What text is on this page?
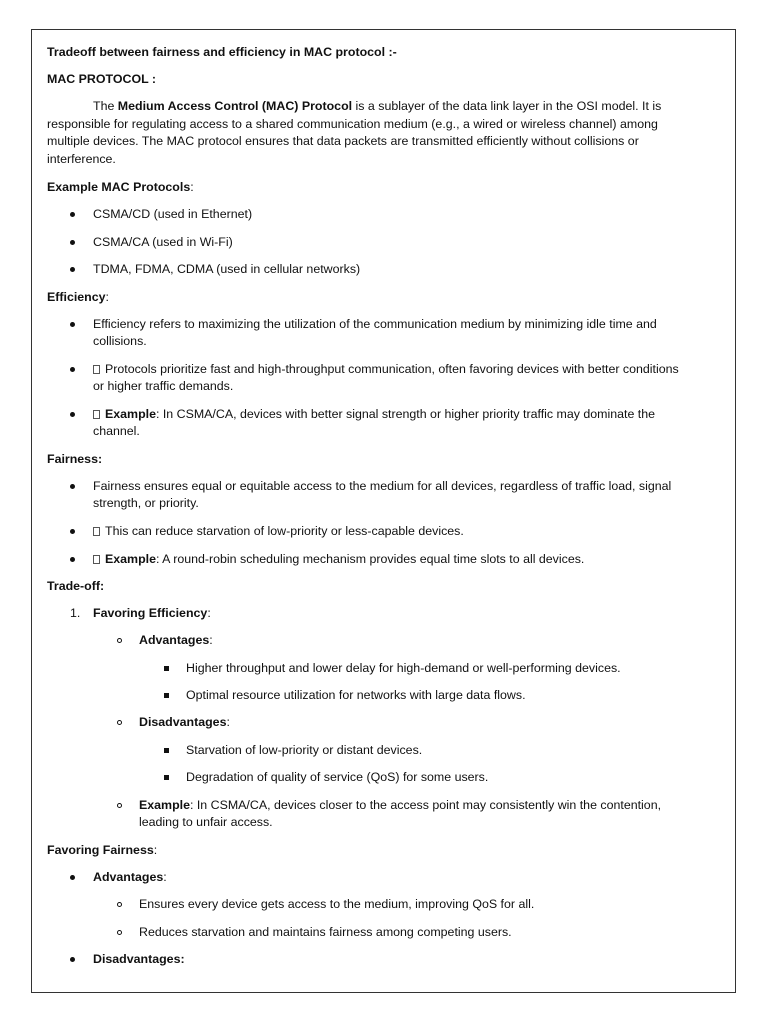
Tradeoff between fairness and efficiency in MAC protocol :-
MAC PROTOCOL :
The Medium Access Control (MAC) Protocol is a sublayer of the data link layer in the OSI model. It is
responsible for regulating access to a shared communication medium (e.g., a wired or wireless channel) among
multiple devices. The MAC protocol ensures that data packets are transmitted efficiently without collisions or
interference.
Example MAC Protocols:
CSMA/CD (used in Ethernet)
CSMA/CA (used in Wi-Fi)
TDMA, FDMA, CDMA (used in cellular networks)
Efficiency:
Efficiency refers to maximizing the utilization of the communication medium by minimizing idle time and
collisions.
Protocols prioritize fast and high-throughput communication, often favoring devices with better conditions
or higher traffic demands.
Example: In CSMA/CA, devices with better signal strength or higher priority traffic may dominate the
channel.
Fairness:
Fairness ensures equal or equitable access to the medium for all devices, regardless of traffic load, signal
strength, or priority.
This can reduce starvation of low-priority or less-capable devices.
Example: A round-robin scheduling mechanism provides equal time slots to all devices.
Trade-off:
1. Favoring Efficiency:
Advantages:
Higher throughput and lower delay for high-demand or well-performing devices.
Optimal resource utilization for networks with large data flows.
Disadvantages:
Starvation of low-priority or distant devices.
Degradation of quality of service (QoS) for some users.
Example: In CSMA/CA, devices closer to the access point may consistently win the contention,
leading to unfair access.
Favoring Fairness:
Advantages:
Ensures every device gets access to the medium, improving QoS for all.
Reduces starvation and maintains fairness among competing users.
Disadvantages:
